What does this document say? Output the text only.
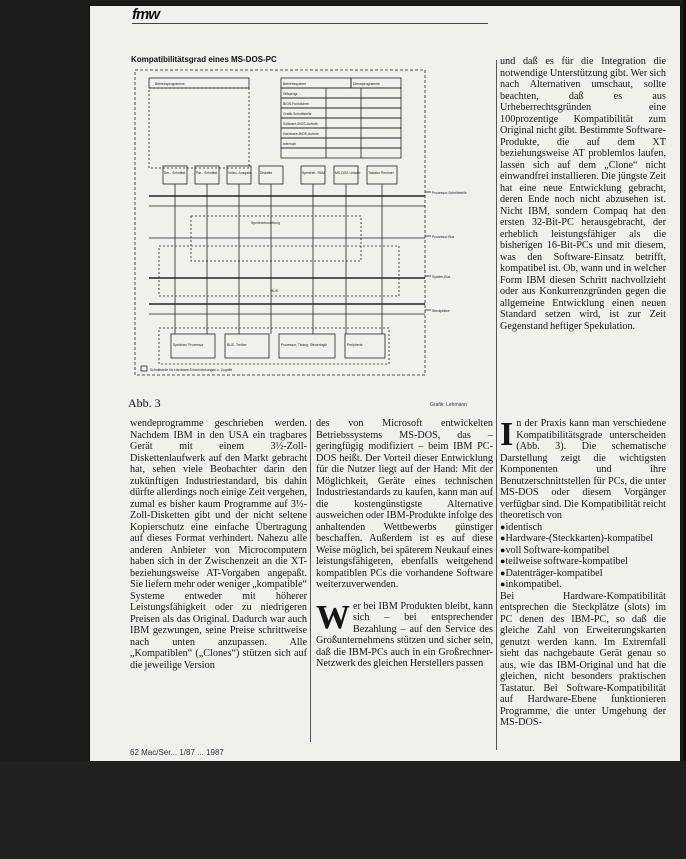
fmw
Kompatibilitätsgrad eines MS-DOS-PC
Betriebsprogramme	Betriebssystem	Dienstprogramme
Hilfsprogr. ...
BIOS-Funktionen
Grafik-Schnittstelle
Software-BIOS-Aufrufe
Hardware-BIOS-Aufrufe
Interrupt
Ser.- Schnittst.	Par.- Schnittst.	Video- Ausgabe Diskette	Speicher- RAM	MS-DOS Urlader Tastatur Rechner
Prozessor-Schnittstelle
Prozessor-Bus
System-Bus
Steckplätze
Speicherbusleitung
BUS
Speicher/ Prozessor	BUS- Treiber	Prozessor, Timing, Steuerlogik	Peripherie
Schnittstelle für Hardware-Einschränkungen u. Zugriffe
Abb. 3	Grafik: Lehmann

und daß es für die Integration die notwendige Unterstützung gibt. Wer sich nach Alternativen umschaut, sollte beachten, daß es aus Urheberrechtsgründen eine 100prozentige Kompatibilität zum Original nicht gibt. Bestimmte Software-Produkte, die auf dem XT beziehungsweise AT problemlos laufen, lassen sich auf dem „Clone“ nicht einwandfrei installieren. Die jüngste Zeit hat eine neue Entwicklung gebracht, deren Ende noch nicht abzusehen ist. Nicht IBM, sondern Compaq hat den ersten 32-Bit-PC herausgebracht, der erheblich leistungsfähiger als die bisherigen 16-Bit-PCs und mit diesem, was den Software-Einsatz betrifft, kompatibel ist. Ob, wann und in welcher Form IBM diesen Schritt nachvollzieht oder aus Konkurrenzgründen gegen die allgemeine Entwicklung einen neuen Standard setzen wird, ist zur Zeit Gegenstand heftiger Spekulation.

wendeprogramme geschrieben werden. Nachdem IBM in den USA ein tragbares Gerät mit einem 3½-Zoll-Diskettenlaufwerk auf den Markt gebracht hat, sehen viele Beobachter darin den zukünftigen Industriestandard, bis dahin dürfte allerdings noch einige Zeit vergehen, zumal es bisher kaum Programme auf 3½-Zoll-Disketten gibt und der nicht seltene Kopierschutz eine einfache Übertragung auf dieses Format verhindert. Nahezu alle anderen Anbieter von Microcomputern haben sich in der Zwischenzeit an die XT-beziehungsweise AT-Vorgaben angepaßt. Sie liefern mehr oder weniger „kompatible“ Systeme entweder mit höherer Leistungsfähigkeit oder zu niedrigeren Preisen als das Original. Dadurch war auch IBM gezwungen, seine Preise schrittweise nach unten anzupassen. Alle „Kompatiblen“ („Clones“) stützen sich auf die jeweilige Version

des von Microsoft entwickelten Betriebssystems MS-DOS, das – geringfügig modifiziert – beim IBM PC-DOS heißt. Der Vorteil dieser Entwicklung für die Nutzer liegt auf der Hand: Mit der Möglichkeit, Geräte eines technischen Industriestandards zu kaufen, kann man auf die kostengünstigste Alternative ausweichen oder IBM-Produkte infolge des anhaltenden Wettbewerbs günstiger beschaffen. Außerdem ist es auf diese Weise möglich, bei späterem Neukauf eines leistungsfähigeren, ebenfalls weitgehend kompatiblen PCs die vorhandene Software weiterzuverwenden.

Wer bei IBM Produkten bleibt, kann sich – bei entsprechender Bezahlung – auf den Service des Großunternehmens stützen und sicher sein, daß die IBM-PCs auch in ein Großrechner-Netzwerk des gleichen Herstellers passen

In der Praxis kann man verschiedene Kompatibilitätsgrade unterscheiden (Abb. 3). Die schematische Darstellung zeigt die wichtigsten Komponenten und ihre Benutzerschnittstellen für PCs, die unter MS-DOS oder diesem Vorgänger verfügbar sind. Die Kompatibilität reicht theoretisch von

● identisch

● Hardware-(Steckkarten)-kompatibel

● voll Software-kompatibel

● teilweise software-kompatibel

● Datenträger-kompatibel

● inkompatibel.

Bei Hardware-Kompatibilität entsprechen die Steckplätze (slots) im PC denen des IBM-PC, so daß die gleiche Zahl von Erweiterungskarten genutzt werden kann. Im Extremfall sieht das nachgebaute Gerät genau so aus, wie das IBM-Original und hat die gleichen, nicht besonders praktischen Tastatur. Bei Software-Kompatibilität auf Hardware-Ebene funktionieren Programme, die unter Umgehung der MS-DOS-

62 Mac/Ser... 1/87 ... 1987
